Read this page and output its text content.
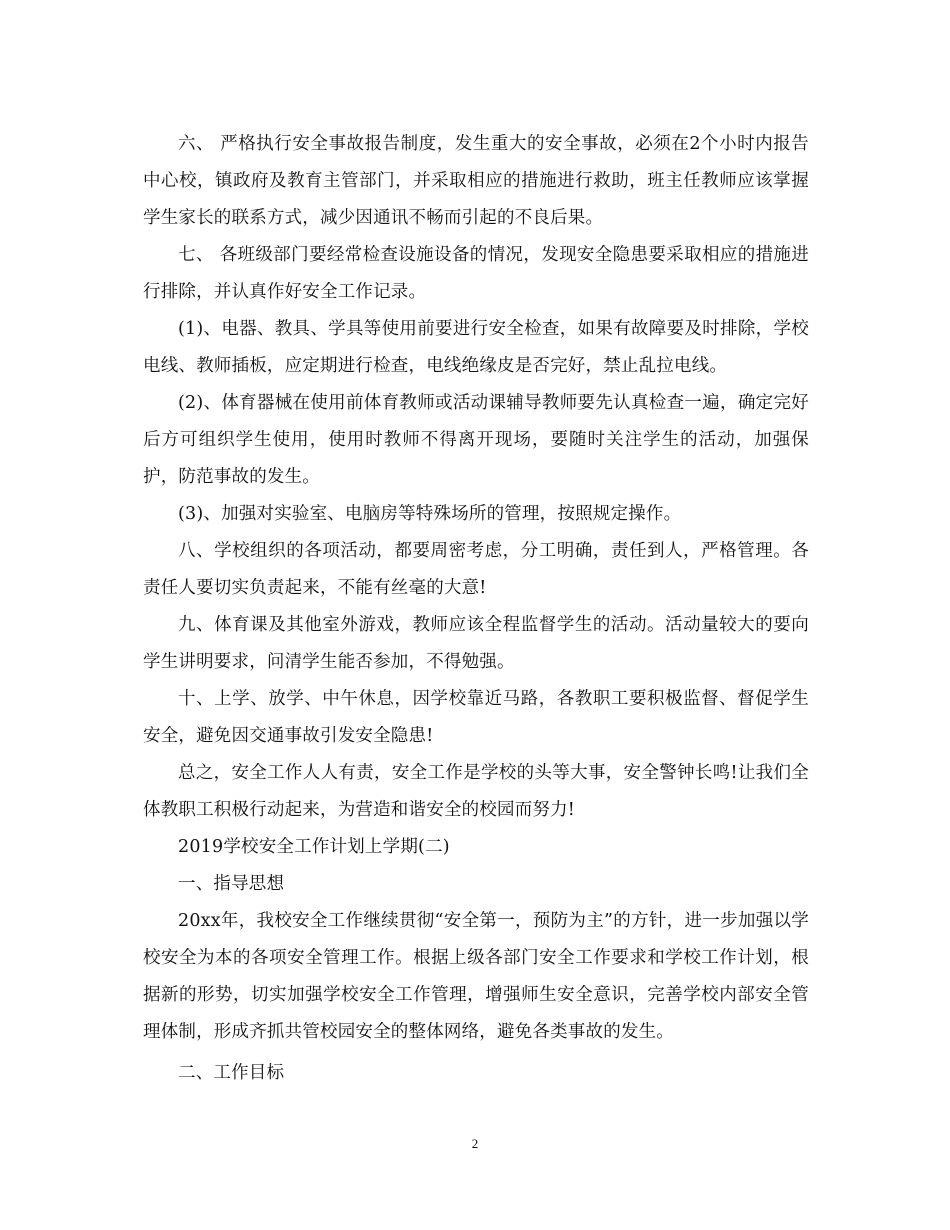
六、 严格执行安全事故报告制度，发生重大的安全事故，必须在2个小时内报告中心校，镇政府及教育主管部门，并采取相应的措施进行救助，班主任教师应该掌握学生家长的联系方式，减少因通讯不畅而引起的不良后果。

七、 各班级部门要经常检查设施设备的情况，发现安全隐患要采取相应的措施进行排除，并认真作好安全工作记录。

(1)、电器、教具、学具等使用前要进行安全检查，如果有故障要及时排除，学校电线、教师插板，应定期进行检查，电线绝缘皮是否完好，禁止乱拉电线。

(2)、体育器械在使用前体育教师或活动课辅导教师要先认真检查一遍，确定完好后方可组织学生使用，使用时教师不得离开现场，要随时关注学生的活动，加强保护，防范事故的发生。

(3)、加强对实验室、电脑房等特殊场所的管理，按照规定操作。

八、学校组织的各项活动，都要周密考虑，分工明确，责任到人，严格管理。各责任人要切实负责起来，不能有丝毫的大意!

九、体育课及其他室外游戏，教师应该全程监督学生的活动。活动量较大的要向学生讲明要求，问清学生能否参加，不得勉强。

十、上学、放学、中午休息，因学校靠近马路，各教职工要积极监督、督促学生安全，避免因交通事故引发安全隐患!

总之，安全工作人人有责，安全工作是学校的头等大事，安全警钟长鸣!让我们全体教职工积极行动起来，为营造和谐安全的校园而努力!

2019学校安全工作计划上学期(二)

一、指导思想

20xx年，我校安全工作继续贯彻“安全第一，预防为主”的方针，进一步加强以学校安全为本的各项安全管理工作。根据上级各部门安全工作要求和学校工作计划，根据新的形势，切实加强学校安全工作管理，增强师生安全意识，完善学校内部安全管理体制，形成齐抓共管校园安全的整体网络，避免各类事故的发生。

二、工作目标

2
